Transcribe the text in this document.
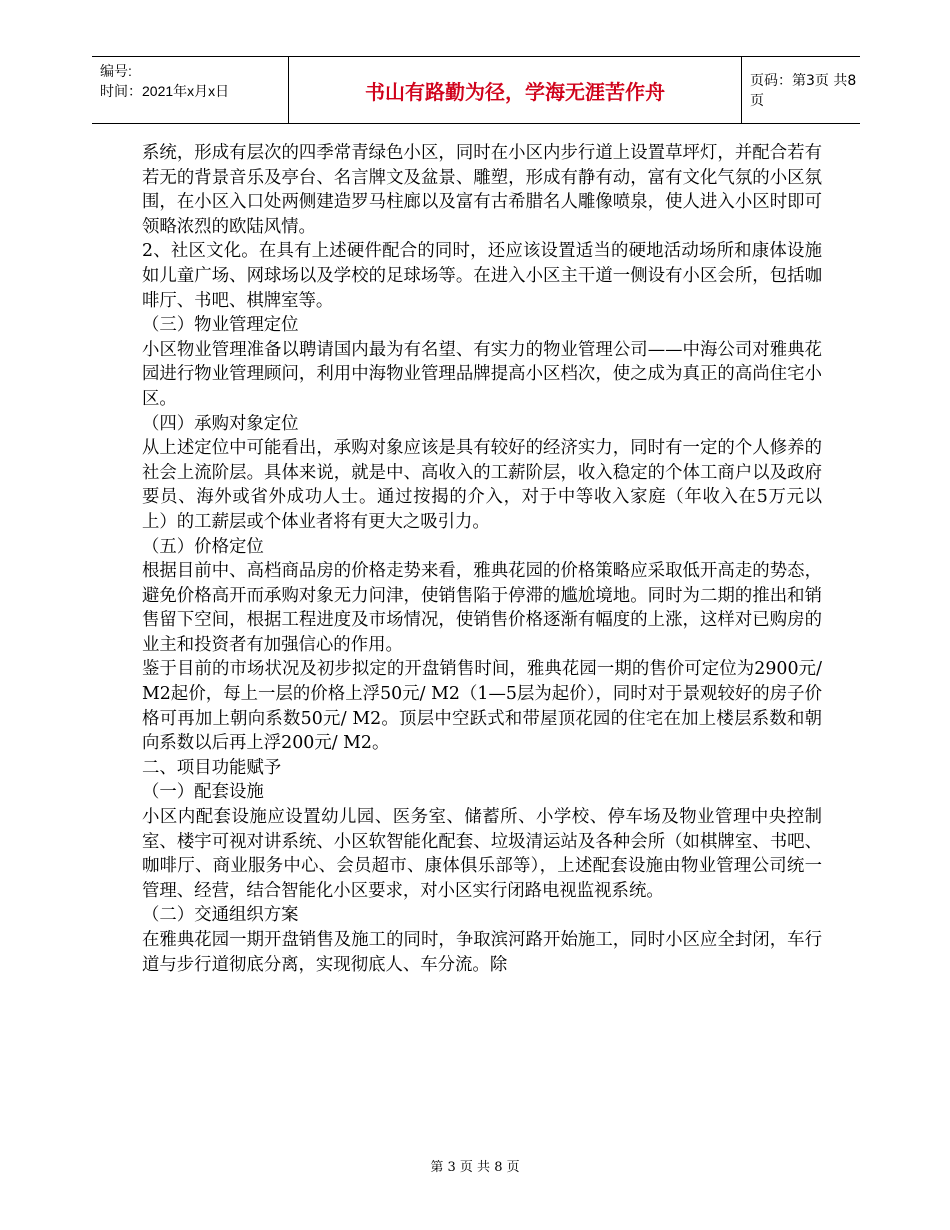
编号:
时间：2021年x月x日	书山有路勤为径，学海无涯苦作舟	页码：第3页 共8页

系统，形成有层次的四季常青绿色小区，同时在小区内步行道上设置草坪灯，并配合若有若无的背景音乐及亭台、名言牌文及盆景、雕塑，形成有静有动，富有文化气氛的小区氛围，在小区入口处两侧建造罗马柱廊以及富有古希腊名人雕像喷泉，使人进入小区时即可领略浓烈的欧陆风情。

2、社区文化。在具有上述硬件配合的同时，还应该设置适当的硬地活动场所和康体设施如儿童广场、网球场以及学校的足球场等。在进入小区主干道一侧设有小区会所，包括咖啡厅、书吧、棋牌室等。

（三）物业管理定位

小区物业管理准备以聘请国内最为有名望、有实力的物业管理公司——中海公司对雅典花园进行物业管理顾问，利用中海物业管理品牌提高小区档次，使之成为真正的高尚住宅小区。

（四）承购对象定位

从上述定位中可能看出，承购对象应该是具有较好的经济实力，同时有一定的个人修养的社会上流阶层。具体来说，就是中、高收入的工薪阶层，收入稳定的个体工商户以及政府要员、海外或省外成功人士。通过按揭的介入，对于中等收入家庭（年收入在5万元以上）的工薪层或个体业者将有更大之吸引力。

（五）价格定位

根据目前中、高档商品房的价格走势来看，雅典花园的价格策略应采取低开高走的势态，避免价格高开而承购对象无力问津，使销售陷于停滞的尴尬境地。同时为二期的推出和销售留下空间，根据工程进度及市场情况，使销售价格逐渐有幅度的上涨，这样对已购房的业主和投资者有加强信心的作用。

鉴于目前的市场状况及初步拟定的开盘销售时间，雅典花园一期的售价可定位为2900元/ M2起价，每上一层的价格上浮50元/ M2（1—5层为起价），同时对于景观较好的房子价格可再加上朝向系数50元/ M2。顶层中空跃式和带屋顶花园的住宅在加上楼层系数和朝向系数以后再上浮200元/ M2。

二、项目功能赋予

（一）配套设施

小区内配套设施应设置幼儿园、医务室、储蓄所、小学校、停车场及物业管理中央控制室、楼宇可视对讲系统、小区软智能化配套、垃圾清运站及各种会所（如棋牌室、书吧、咖啡厅、商业服务中心、会员超市、康体俱乐部等），上述配套设施由物业管理公司统一管理、经营，结合智能化小区要求，对小区实行闭路电视监视系统。

（二）交通组织方案

在雅典花园一期开盘销售及施工的同时，争取滨河路开始施工，同时小区应全封闭，车行道与步行道彻底分离，实现彻底人、车分流。除

第 3 页 共 8 页
